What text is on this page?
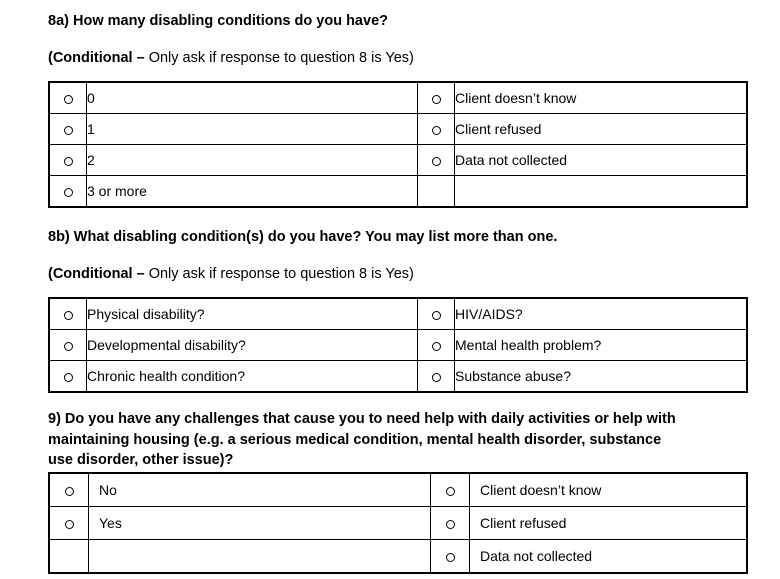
8a) How many disabling conditions do you have?
(Conditional – Only ask if response to question 8 is Yes)
	0		Client doesn’t know
	1		Client refused
	2		Data not collected
	3 or more		
8b) What disabling condition(s) do you have? You may list more than one.
(Conditional – Only ask if response to question 8 is Yes)
	Physical disability?		HIV/AIDS?
	Developmental disability?		Mental health problem?
	Chronic health condition?		Substance abuse?
9) Do you have any challenges that cause you to need help with daily activities or help with maintaining housing (e.g. a serious medical condition, mental health disorder, substance use disorder, other issue)?
	No		Client doesn’t know
	Yes		Client refused
			Data not collected
